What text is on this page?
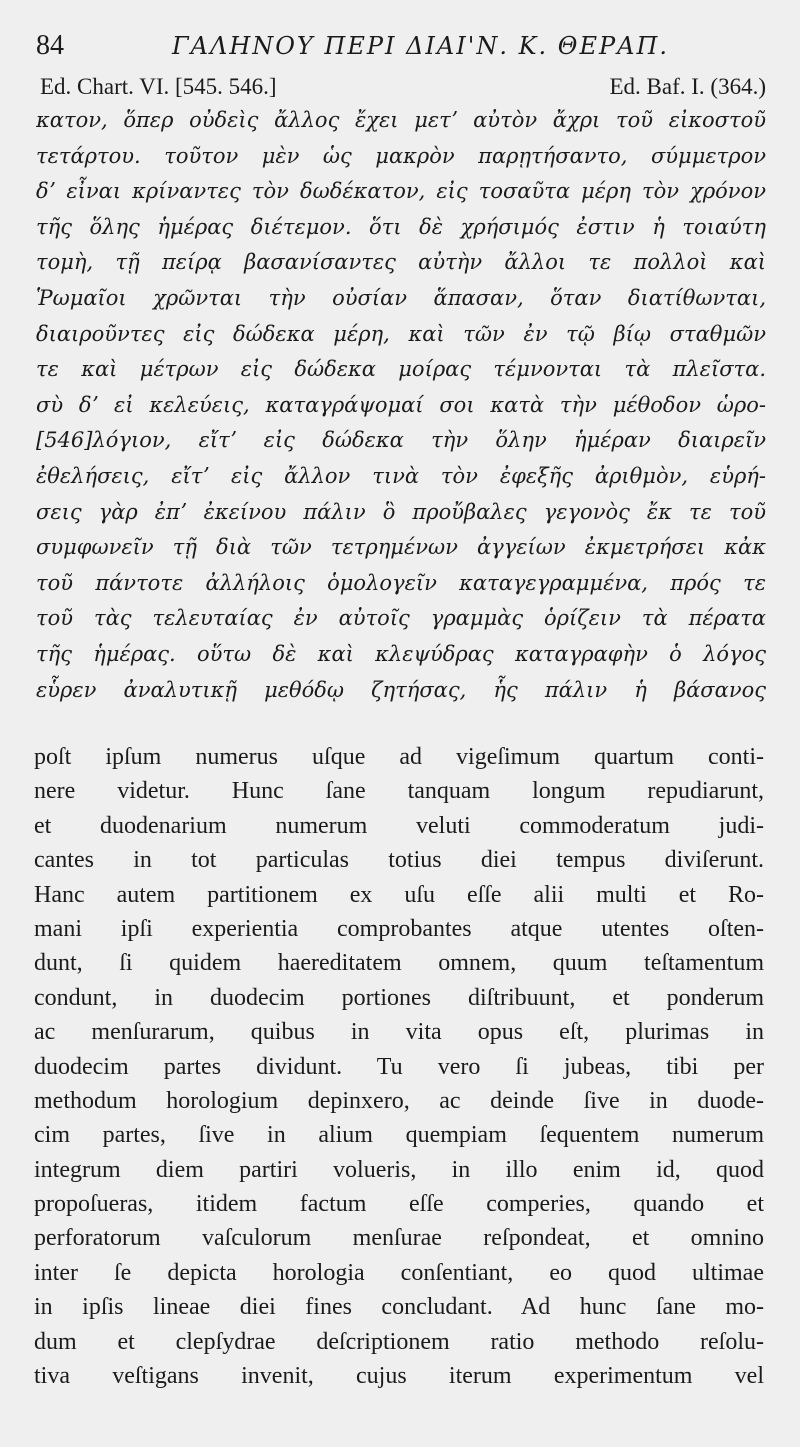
84	ΓΑΛΗΝΟΥ ΠΕΡΙ ΔΙΑΙ'Ν. Κ. ΘΕΡΑΠ.
Ed. Chart. VI. [545. 546.]	Ed. Baf. I. (364.)
κατον, ὅπερ οὐδεὶς ἄλλος ἔχει μετʼ αὐτὸν ἄχρι τοῦ εἰκοστοῦ
τετάρτου. τοῦτον μὲν ὡς μακρὸν παρῃτήσαντο, σύμμετρον
δʼ εἶναι κρίναντες τὸν δωδέκατον, εἰς τοσαῦτα μέρη τὸν χρόνον
τῆς ὅλης ἡμέρας διέτεμον. ὅτι δὲ χρήσιμός ἐστιν ἡ τοιαύτη
τομὴ, τῇ πείρᾳ βασανίσαντες αὐτὴν ἄλλοι τε πολλοὶ καὶ
Ῥωμαῖοι χρῶνται τὴν οὐσίαν ἅπασαν, ὅταν διατίθωνται,
διαιροῦντες εἰς δώδεκα μέρη, καὶ τῶν ἐν τῷ βίῳ σταθμῶν
τε καὶ μέτρων εἰς δώδεκα μοίρας τέμνονται τὰ πλεῖστα.
σὺ δʼ εἰ κελεύεις, καταγράψομαί σοι κατὰ τὴν μέθοδον ὡρο-
[546]λόγιον, εἴτʼ εἰς δώδεκα τὴν ὅλην ἡμέραν διαιρεῖν
ἐθελήσεις, εἴτʼ εἰς ἄλλον τινὰ τὸν ἐφεξῆς ἀριθμὸν, εὑρή-
σεις γὰρ ἐπʼ ἐκείνου πάλιν ὃ προὔβαλες γεγονὸς ἔκ τε τοῦ
συμφωνεῖν τῇ διὰ τῶν τετρημένων ἀγγείων ἐκμετρήσει κἀκ
τοῦ πάντοτε ἀλλήλοις ὁμολογεῖν καταγεγραμμένα, πρός τε
τοῦ τὰς τελευταίας ἐν αὐτοῖς γραμμὰς ὁρίζειν τὰ πέρατα
τῆς ἡμέρας. οὕτω δὲ καὶ κλεψύδρας καταγραφὴν ὁ λόγος
εὗρεν ἀναλυτικῇ μεθόδῳ ζητήσας, ἧς πάλιν ἡ βάσανος
poſt ipſum numerus uſque ad vigeſimum quartum conti-
nere videtur. Hunc ſane tanquam longum repudiarunt,
et duodenarium numerum veluti commoderatum judi-
cantes in tot particulas totius diei tempus diviſerunt.
Hanc autem partitionem ex uſu eſſe alii multi et Ro-
mani ipſi experientia comprobantes atque utentes oſten-
dunt, ſi quidem haereditatem omnem, quum teſtamentum
condunt, in duodecim portiones diſtribuunt, et ponderum
ac menſurarum, quibus in vita opus eſt, plurimas in
duodecim partes dividunt. Tu vero ſi jubeas, tibi per
methodum horologium depinxero, ac deinde ſive in duode-
cim partes, ſive in alium quempiam ſequentem numerum
integrum diem partiri volueris, in illo enim id, quod
propoſueras, itidem factum eſſe comperies, quando et
perforatorum vaſculorum menſurae reſpondeat, et omnino
inter ſe depicta horologia conſentiant, eo quod ultimae
in ipſis lineae diei fines concludant. Ad hunc ſane mo-
dum et clepſydrae deſcriptionem ratio methodo reſolu-
tiva veſtigans invenit, cujus iterum experimentum vel
